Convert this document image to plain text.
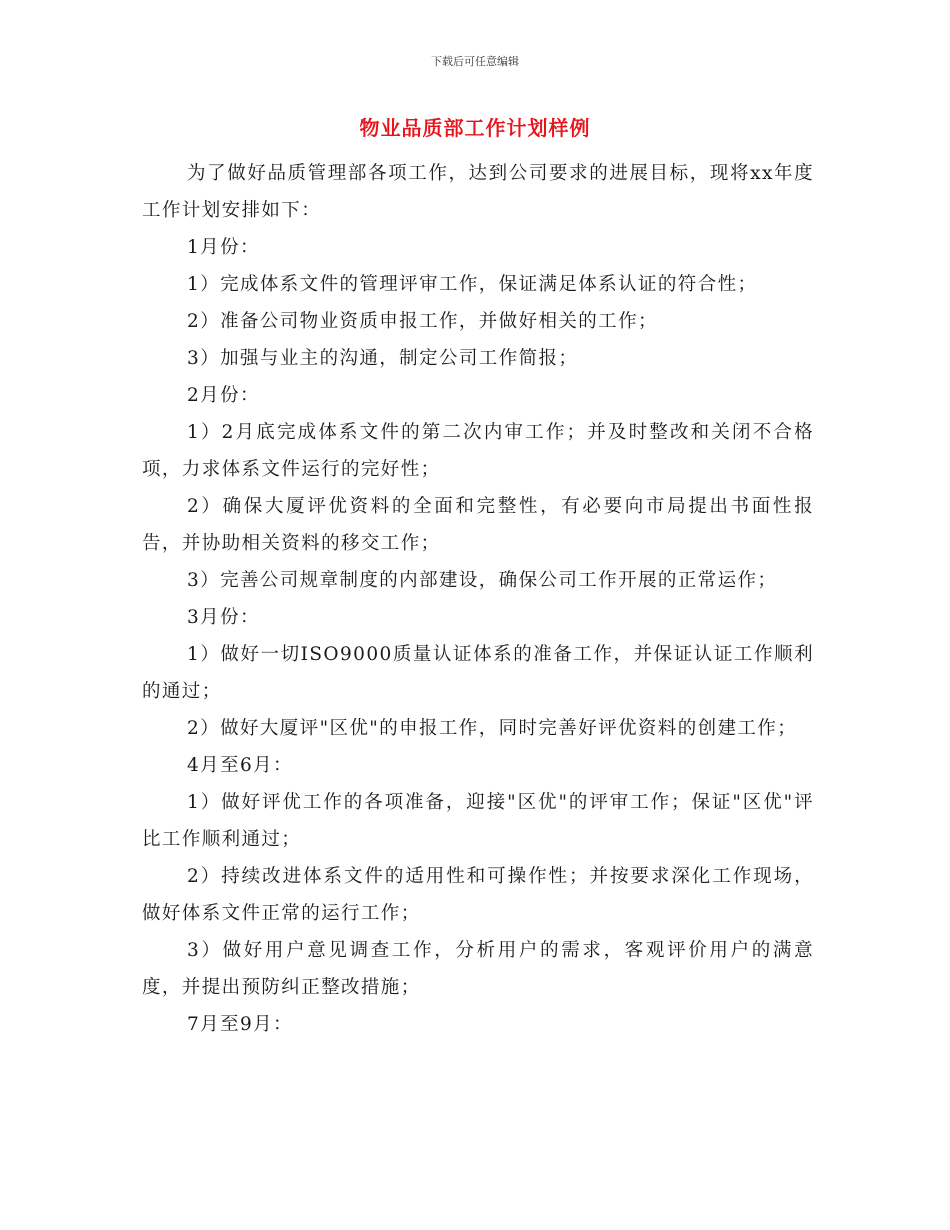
下载后可任意编辑
物业品质部工作计划样例

为了做好品质管理部各项工作，达到公司要求的进展目标，现将xx年度工作计划安排如下：

1月份：

1）完成体系文件的管理评审工作，保证满足体系认证的符合性；

2）准备公司物业资质申报工作，并做好相关的工作；

3）加强与业主的沟通，制定公司工作简报；

2月份：

1）2月底完成体系文件的第二次内审工作；并及时整改和关闭不合格项，力求体系文件运行的完好性；

2）确保大厦评优资料的全面和完整性，有必要向市局提出书面性报告，并协助相关资料的移交工作；

3）完善公司规章制度的内部建设，确保公司工作开展的正常运作；

3月份：

1）做好一切ISO9000质量认证体系的准备工作，并保证认证工作顺利的通过；

2）做好大厦评"区优"的申报工作，同时完善好评优资料的创建工作；

4月至6月：

1）做好评优工作的各项准备，迎接"区优"的评审工作；保证"区优"评比工作顺利通过；

2）持续改进体系文件的适用性和可操作性；并按要求深化工作现场，做好体系文件正常的运行工作；

3）做好用户意见调查工作，分析用户的需求，客观评价用户的满意度，并提出预防纠正整改措施；

7月至9月：
